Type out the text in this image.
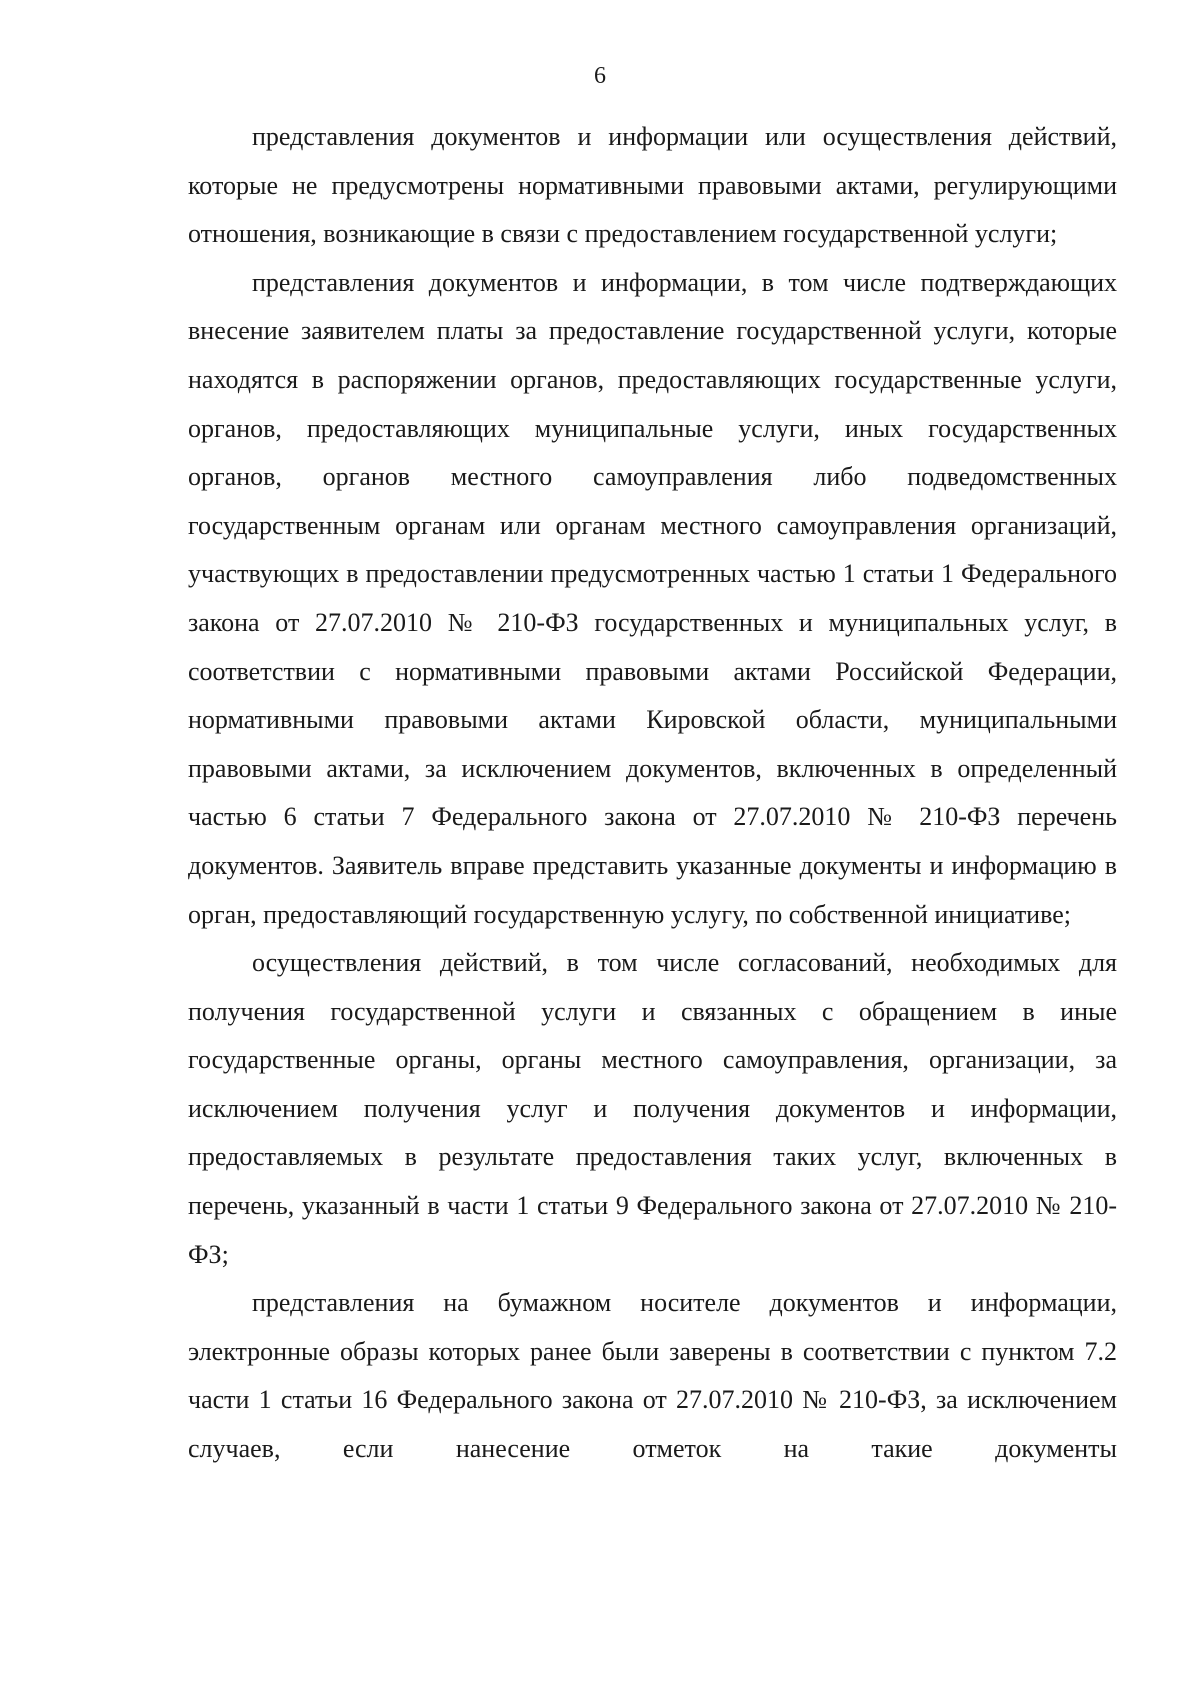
6

представления документов и информации или осуществления действий, которые не предусмотрены нормативными правовыми актами, регулирующими отношения, возникающие в связи с предоставлением государственной услуги;

представления документов и информации, в том числе подтверждающих внесение заявителем платы за предоставление государственной услуги, которые находятся в распоряжении органов, предоставляющих государственные услуги, органов, предоставляющих муниципальные услуги, иных государственных органов, органов местного самоуправления либо подведомственных государственным органам или органам местного самоуправления организаций, участвующих в предоставлении предусмотренных частью 1 статьи 1 Федерального закона от 27.07.2010 № 210-ФЗ государственных и муниципальных услуг, в соответствии с нормативными правовыми актами Российской Федерации, нормативными правовыми актами Кировской области, муниципальными правовыми актами, за исключением документов, включенных в определенный частью 6 статьи 7 Федерального закона от 27.07.2010 № 210-ФЗ перечень документов. Заявитель вправе представить указанные документы и информацию в орган, предоставляющий государственную услугу, по собственной инициативе;

осуществления действий, в том числе согласований, необходимых для получения государственной услуги и связанных с обращением в иные государственные органы, органы местного самоуправления, организации, за исключением получения услуг и получения документов и информации, предоставляемых в результате предоставления таких услуг, включенных в перечень, указанный в части 1 статьи 9 Федерального закона от 27.07.2010 № 210-ФЗ;

представления на бумажном носителе документов и информации, электронные образы которых ранее были заверены в соответствии с пунктом 7.2 части 1 статьи 16 Федерального закона от 27.07.2010 № 210-ФЗ, за исключением случаев, если нанесение отметок на такие документы
